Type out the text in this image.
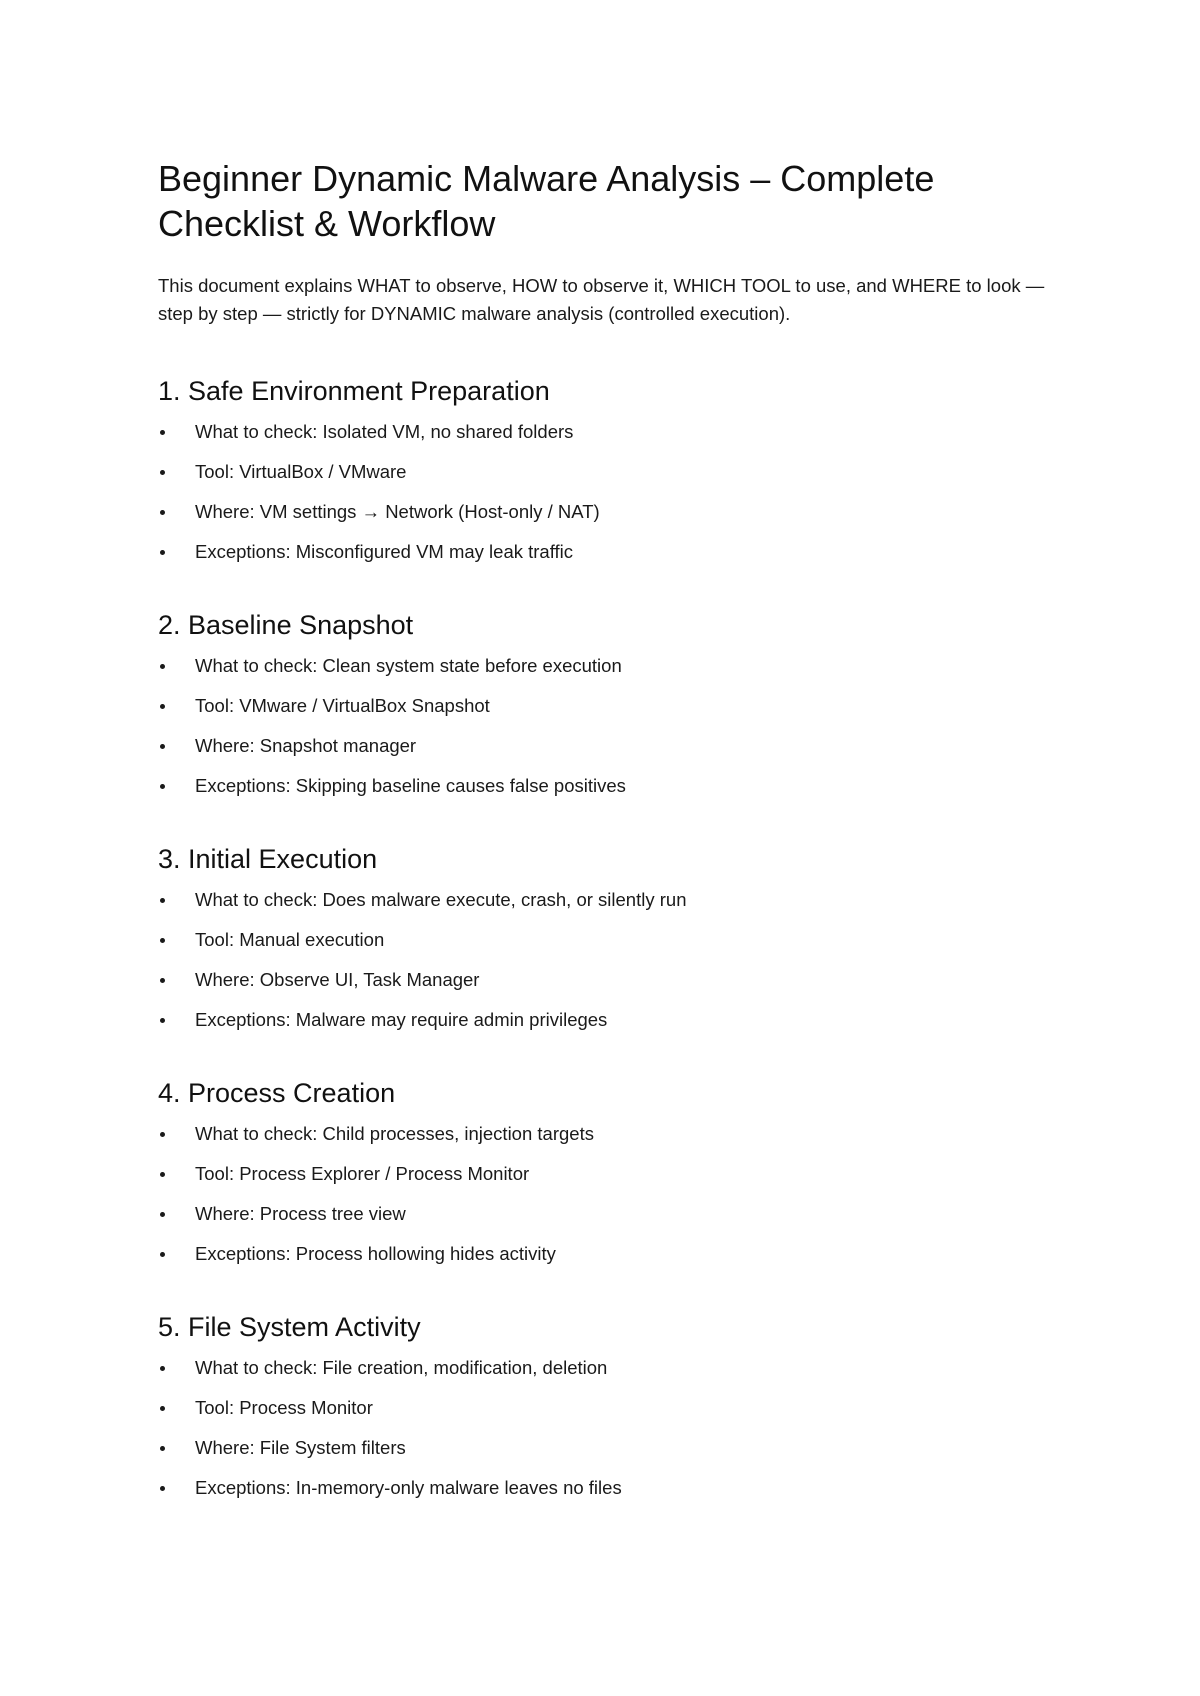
Beginner Dynamic Malware Analysis – Complete Checklist & Workflow

This document explains WHAT to observe, HOW to observe it, WHICH TOOL to use, and WHERE to look — step by step — strictly for DYNAMIC malware analysis (controlled execution).

1. Safe Environment Preparation
What to check: Isolated VM, no shared folders
Tool: VirtualBox / VMware
Where: VM settings → Network (Host-only / NAT)
Exceptions: Misconfigured VM may leak traffic
2. Baseline Snapshot
What to check: Clean system state before execution
Tool: VMware / VirtualBox Snapshot
Where: Snapshot manager
Exceptions: Skipping baseline causes false positives
3. Initial Execution
What to check: Does malware execute, crash, or silently run
Tool: Manual execution
Where: Observe UI, Task Manager
Exceptions: Malware may require admin privileges
4. Process Creation
What to check: Child processes, injection targets
Tool: Process Explorer / Process Monitor
Where: Process tree view
Exceptions: Process hollowing hides activity
5. File System Activity
What to check: File creation, modification, deletion
Tool: Process Monitor
Where: File System filters
Exceptions: In-memory-only malware leaves no files
